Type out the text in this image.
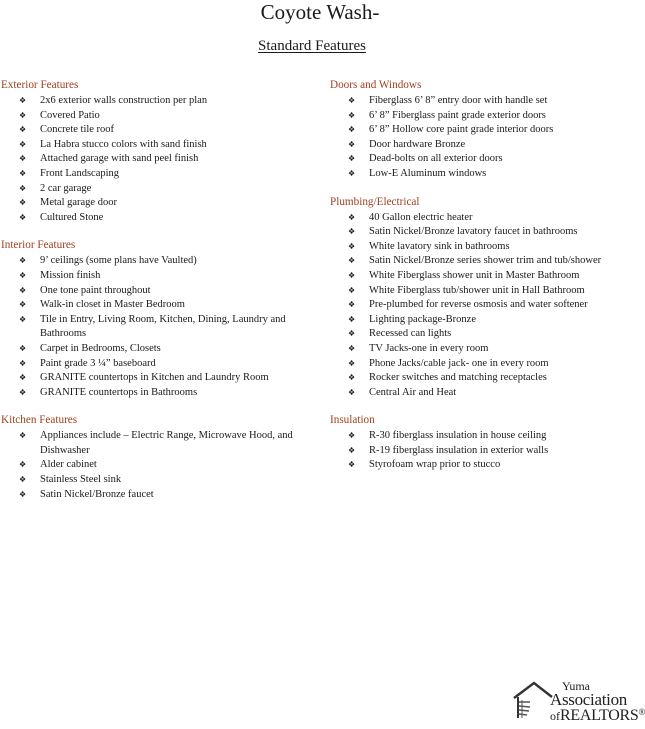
Coyote Wash-
Standard Features
Exterior Features
❖ 2x6 exterior walls construction per plan
❖ Covered Patio
❖ Concrete tile roof
❖ La Habra stucco colors with sand finish
❖ Attached garage with sand peel finish
❖ Front Landscaping
❖ 2 car garage
❖ Metal garage door
❖ Cultured Stone
Interior Features
❖ 9’ ceilings (some plans have Vaulted)
❖ Mission finish
❖ One tone paint throughout
❖ Walk-in closet in Master Bedroom
❖ Tile in Entry, Living Room, Kitchen, Dining, Laundry and Bathrooms
❖ Carpet in Bedrooms, Closets
❖ Paint grade 3 ¼” baseboard
❖ GRANITE countertops in Kitchen and Laundry Room
❖ GRANITE countertops in Bathrooms
Kitchen Features
❖ Appliances include – Electric Range, Microwave Hood, and Dishwasher
❖ Alder cabinet
❖ Stainless Steel sink
❖ Satin Nickel/Bronze faucet
Doors and Windows
❖ Fiberglass 6’ 8” entry door with handle set
❖ 6’ 8” Fiberglass paint grade exterior doors
❖ 6’ 8” Hollow core paint grade interior doors
❖ Door hardware Bronze
❖ Dead-bolts on all exterior doors
❖ Low-E Aluminum windows
Plumbing/Electrical
❖ 40 Gallon electric heater
❖ Satin Nickel/Bronze lavatory faucet in bathrooms
❖ White lavatory sink in bathrooms
❖ Satin Nickel/Bronze series shower trim and tub/shower
❖ White Fiberglass shower unit in Master Bathroom
❖ White Fiberglass tub/shower unit in Hall Bathroom
❖ Pre-plumbed for reverse osmosis and water softener
❖ Lighting package-Bronze
❖ Recessed can lights
❖ TV Jacks-one in every room
❖ Phone Jacks/cable jack- one in every room
❖ Rocker switches and matching receptacles
❖ Central Air and Heat
Insulation
❖ R-30 fiberglass insulation in house ceiling
❖ R-19 fiberglass insulation in exterior walls
❖ Styrofoam wrap prior to stucco
Yuma
Association
ofREALTORS®
